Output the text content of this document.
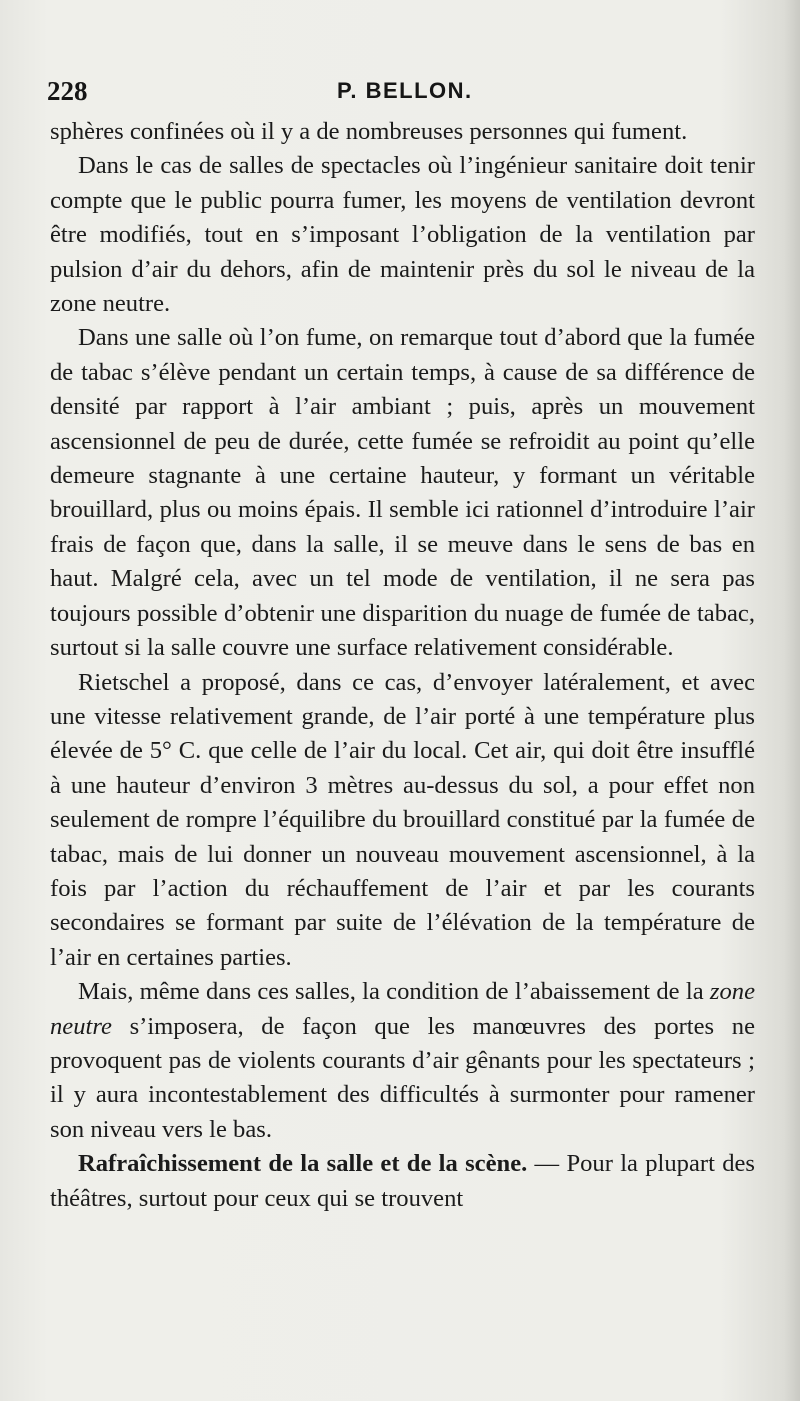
228	P. BELLON.

sphères confinées où il y a de nombreuses personnes qui fument.

Dans le cas de salles de spectacles où l’ingénieur sanitaire doit tenir compte que le public pourra fumer, les moyens de ventilation devront être modifiés, tout en s’imposant l’obligation de la ventilation par pulsion d’air du dehors, afin de maintenir près du sol le niveau de la zone neutre.

Dans une salle où l’on fume, on remarque tout d’abord que la fumée de tabac s’élève pendant un certain temps, à cause de sa différence de densité par rapport à l’air ambiant ; puis, après un mouvement ascensionnel de peu de durée, cette fumée se refroidit au point qu’elle demeure stagnante à une certaine hauteur, y formant un véritable brouillard, plus ou moins épais. Il semble ici rationnel d’introduire l’air frais de façon que, dans la salle, il se meuve dans le sens de bas en haut. Malgré cela, avec un tel mode de ventilation, il ne sera pas toujours possible d’obtenir une disparition du nuage de fumée de tabac, surtout si la salle couvre une surface relativement considérable.

Rietschel a proposé, dans ce cas, d’envoyer latéralement, et avec une vitesse relativement grande, de l’air porté à une température plus élevée de 5° C. que celle de l’air du local. Cet air, qui doit être insufflé à une hauteur d’environ 3 mètres au-dessus du sol, a pour effet non seulement de rompre l’équilibre du brouillard constitué par la fumée de tabac, mais de lui donner un nouveau mouvement ascensionnel, à la fois par l’action du réchauffement de l’air et par les courants secondaires se formant par suite de l’élévation de la température de l’air en certaines parties.

Mais, même dans ces salles, la condition de l’abaissement de la zone neutre s’imposera, de façon que les manœuvres des portes ne provoquent pas de violents courants d’air gênants pour les spectateurs ; il y aura incontestablement des difficultés à surmonter pour ramener son niveau vers le bas.

Rafraîchissement de la salle et de la scène. — Pour la plupart des théâtres, surtout pour ceux qui se trouvent
